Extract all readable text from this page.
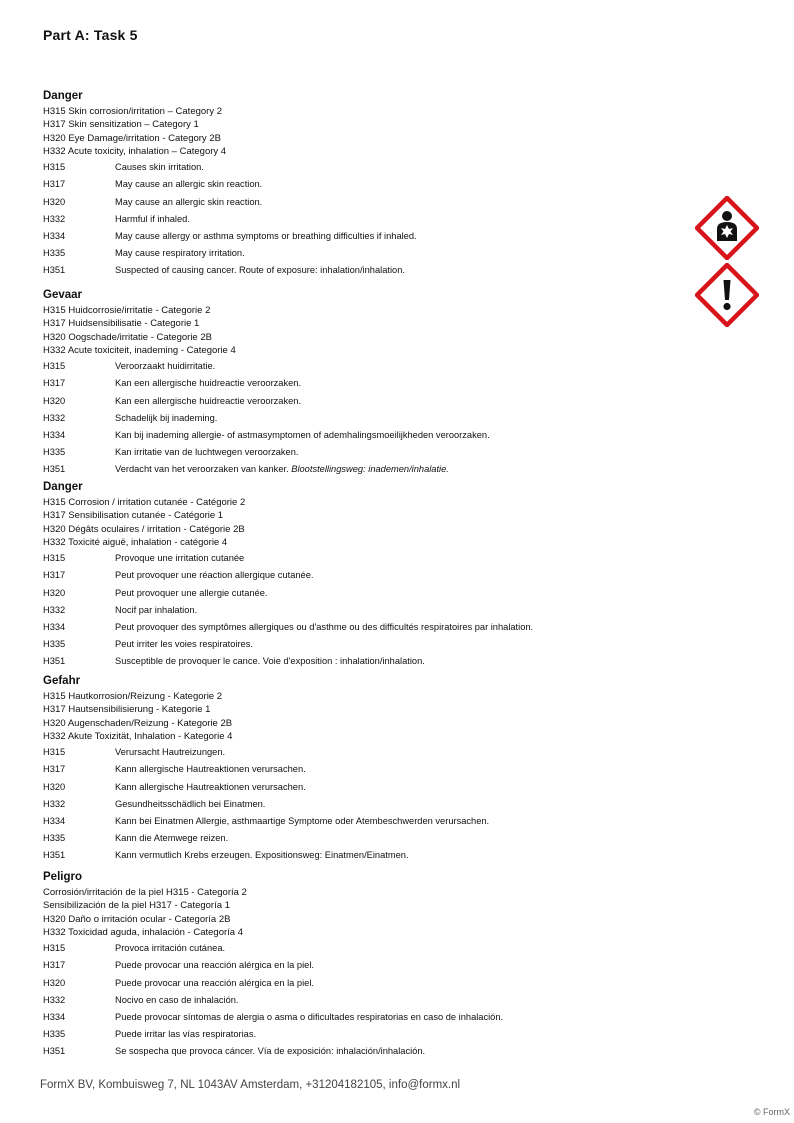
Part A: Task 5
Danger
H315 Skin corrosion/irritation – Category 2
H317 Skin sensitization – Category 1
H320 Eye Damage/irritation - Category 2B
H332 Acute toxicity, inhalation – Category 4
H315	Causes skin irritation.
H317	May cause an allergic skin reaction.
H320	May cause an allergic skin reaction.
H332	Harmful if inhaled.
H334	May cause allergy or asthma symptoms or breathing difficulties if inhaled.
H335	May cause respiratory irritation.
H351	Suspected of causing cancer. Route of exposure: inhalation/inhalation.
Gevaar
H315 Huidcorrosie/irritatie - Categorie 2
H317 Huidsensibilisatie - Categorie 1
H320 Oogschade/irritatie - Categorie 2B
H332 Acute toxiciteit, inademing - Categorie 4
H315	Veroorzaakt huidirritatie.
H317	Kan een allergische huidreactie veroorzaken.
H320	Kan een allergische huidreactie veroorzaken.
H332	Schadelijk bij inademing.
H334	Kan bij inademing allergie- of astmasymptomen of ademhalingsmoeilijkheden veroorzaken.
H335	Kan irritatie van de luchtwegen veroorzaken.
H351	Verdacht van het veroorzaken van kanker. Blootstellingsweg: inademen/inhalatie.
Danger
H315 Corrosion / irritation cutanée - Catégorie 2
H317 Sensibilisation cutanée - Catégorie 1
H320 Dégâts oculaires / irritation - Catégorie 2B
H332 Toxicité aiguë, inhalation - catégorie 4
H315	Provoque une irritation cutanée
H317	Peut provoquer une réaction allergique cutanée.
H320	Peut provoquer une allergie cutanée.
H332	Nocif par inhalation.
H334	Peut provoquer des symptômes allergiques ou d'asthme ou des difficultés respiratoires par inhalation.
H335	Peut irriter les voies respiratoires.
H351	Susceptible de provoquer le cance. Voie d'exposition : inhalation/inhalation.
Gefahr
H315 Hautkorrosion/Reizung - Kategorie 2
H317 Hautsensibilisierung - Kategorie 1
H320 Augenschaden/Reizung - Kategorie 2B
H332 Akute Toxizität, Inhalation - Kategorie 4
H315	Verursacht Hautreizungen.
H317	Kann allergische Hautreaktionen verursachen.
H320	Kann allergische Hautreaktionen verursachen.
H332	Gesundheitsschädlich bei Einatmen.
H334	Kann bei Einatmen Allergie, asthmaartige Symptome oder Atembeschwerden verursachen.
H335	Kann die Atemwege reizen.
H351	Kann vermutlich Krebs erzeugen. Expositionsweg: Einatmen/Einatmen.
Peligro
Corrosión/irritación de la piel H315 - Categoría 2
Sensibilización de la piel H317 - Categoría 1
H320 Daño o irritación ocular - Categoría 2B
H332 Toxicidad aguda, inhalación - Categoría 4
H315	Provoca irritación cutánea.
H317	Puede provocar una reacción alérgica en la piel.
H320	Puede provocar una reacción alérgica en la piel.
H332	Nocivo en caso de inhalación.
H334	Puede provocar síntomas de alergia o asma o dificultades respiratorias en caso de inhalación.
H335	Puede irritar las vías respiratorias.
H351	Se sospecha que provoca cáncer. Vía de exposición: inhalación/inhalación.
FormX BV, Kombuisweg 7, NL 1043AV Amsterdam, +31204182105, info@formx.nl
© FormX
